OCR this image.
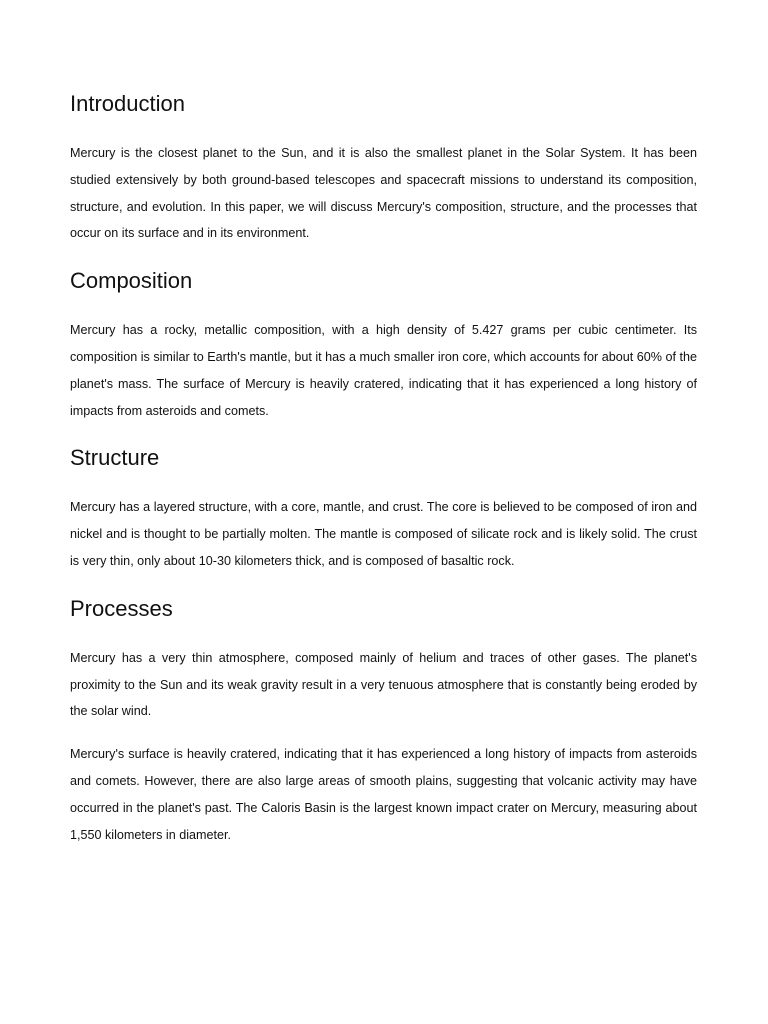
Introduction

Mercury is the closest planet to the Sun, and it is also the smallest planet in the Solar System. It has been studied extensively by both ground-based telescopes and spacecraft missions to understand its composition, structure, and evolution. In this paper, we will discuss Mercury's composition, structure, and the processes that occur on its surface and in its environment.

Composition

Mercury has a rocky, metallic composition, with a high density of 5.427 grams per cubic centimeter. Its composition is similar to Earth's mantle, but it has a much smaller iron core, which accounts for about 60% of the planet's mass. The surface of Mercury is heavily cratered, indicating that it has experienced a long history of impacts from asteroids and comets.

Structure

Mercury has a layered structure, with a core, mantle, and crust. The core is believed to be composed of iron and nickel and is thought to be partially molten. The mantle is composed of silicate rock and is likely solid. The crust is very thin, only about 10-30 kilometers thick, and is composed of basaltic rock.

Processes

Mercury has a very thin atmosphere, composed mainly of helium and traces of other gases. The planet's proximity to the Sun and its weak gravity result in a very tenuous atmosphere that is constantly being eroded by the solar wind.

Mercury's surface is heavily cratered, indicating that it has experienced a long history of impacts from asteroids and comets. However, there are also large areas of smooth plains, suggesting that volcanic activity may have occurred in the planet's past. The Caloris Basin is the largest known impact crater on Mercury, measuring about 1,550 kilometers in diameter.
